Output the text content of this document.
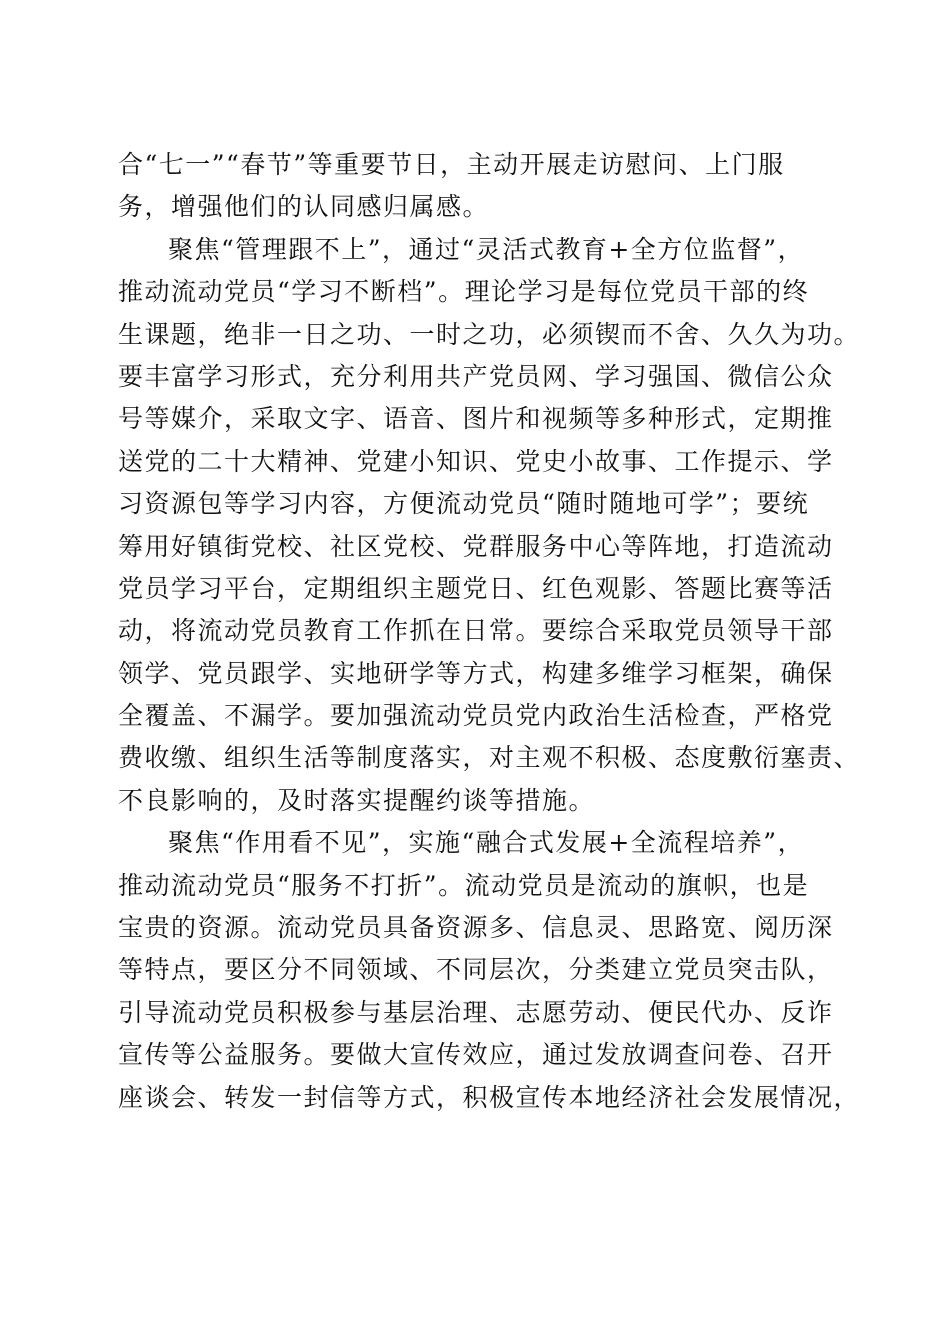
合“七一”“春节”等重要节日，主动开展走访慰问、上门服
务，增强他们的认同感归属感。
聚焦“管理跟不上”，通过“灵活式教育+全方位监督”，
推动流动党员“学习不断档”。理论学习是每位党员干部的终
生课题，绝非一日之功、一时之功，必须锲而不舍、久久为功。
要丰富学习形式，充分利用共产党员网、学习强国、微信公众
号等媒介，采取文字、语音、图片和视频等多种形式，定期推
送党的二十大精神、党建小知识、党史小故事、工作提示、学
习资源包等学习内容，方便流动党员“随时随地可学”；要统
筹用好镇街党校、社区党校、党群服务中心等阵地，打造流动
党员学习平台，定期组织主题党日、红色观影、答题比赛等活
动，将流动党员教育工作抓在日常。要综合采取党员领导干部
领学、党员跟学、实地研学等方式，构建多维学习框架，确保
全覆盖、不漏学。要加强流动党员党内政治生活检查，严格党
费收缴、组织生活等制度落实，对主观不积极、态度敷衍塞责、
不良影响的，及时落实提醒约谈等措施。
聚焦“作用看不见”，实施“融合式发展+全流程培养”，
推动流动党员“服务不打折”。流动党员是流动的旗帜，也是
宝贵的资源。流动党员具备资源多、信息灵、思路宽、阅历深
等特点，要区分不同领域、不同层次，分类建立党员突击队，
引导流动党员积极参与基层治理、志愿劳动、便民代办、反诈
宣传等公益服务。要做大宣传效应，通过发放调查问卷、召开
座谈会、转发一封信等方式，积极宣传本地经济社会发展情况，
